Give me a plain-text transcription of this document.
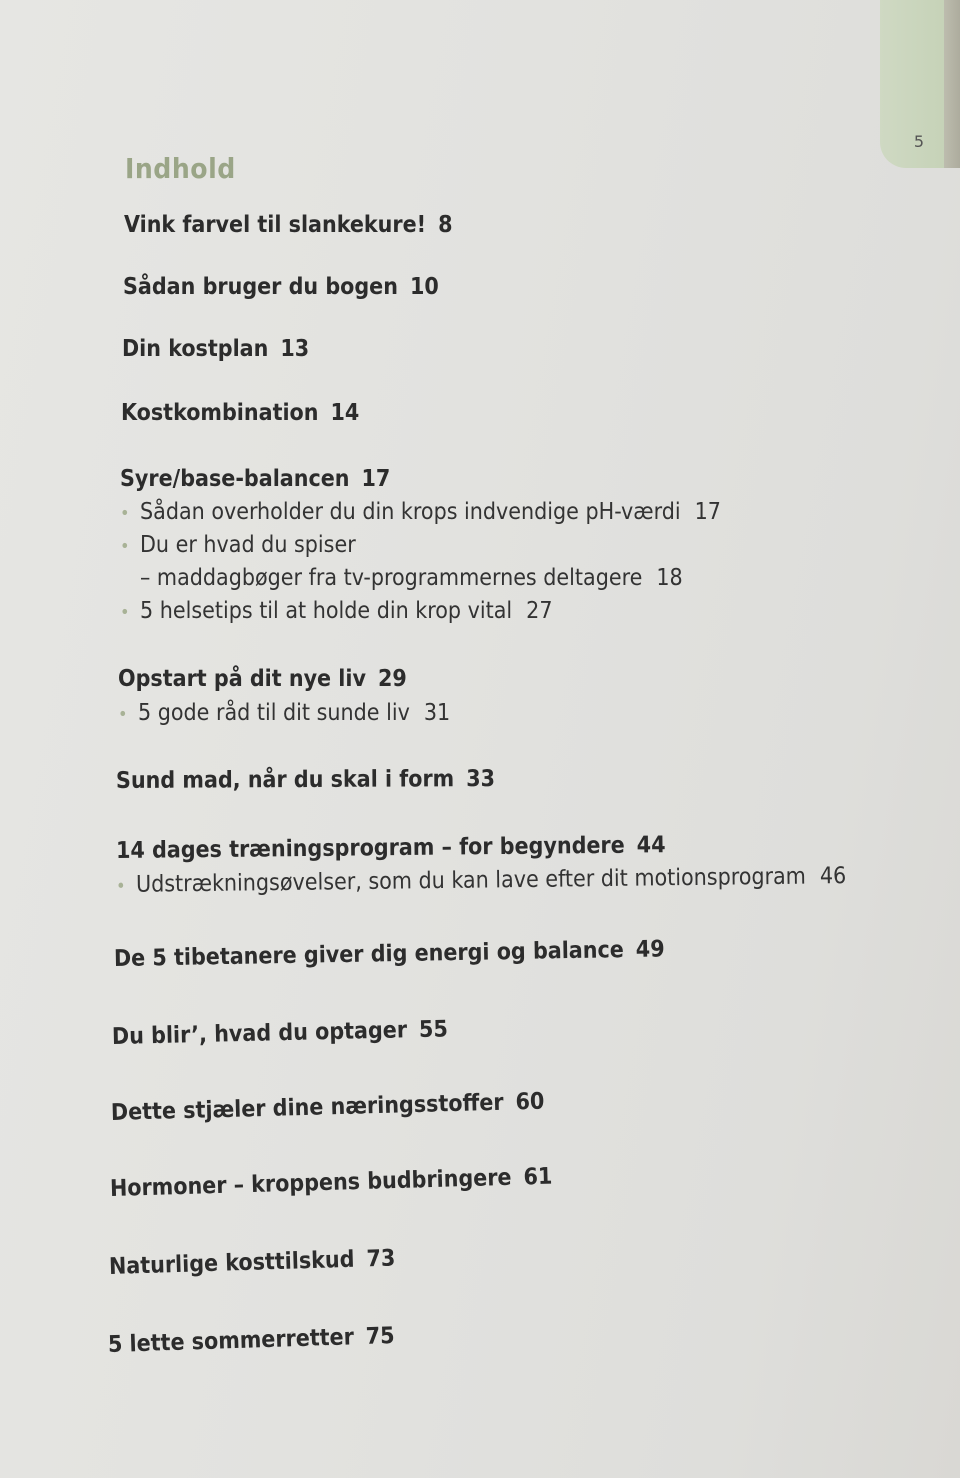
5
Indhold
Vink farvel til slankekure! 8
Sådan bruger du bogen 10
Din kostplan 13
Kostkombination 14
Syre/base-balancen 17
• Sådan overholder du din krops indvendige pH-værdi 17
• Du er hvad du spiser
– maddagbøger fra tv-programmernes deltagere 18
• 5 helsetips til at holde din krop vital 27
Opstart på dit nye liv 29
• 5 gode råd til dit sunde liv 31
Sund mad, når du skal i form 33
14 dages træningsprogram – for begyndere 44
• Udstrækningsøvelser, som du kan lave efter dit motionsprogram 46
De 5 tibetanere giver dig energi og balance 49
Du blir’, hvad du optager 55
Dette stjæler dine næringsstoffer 60
Hormoner – kroppens budbringere 61
Naturlige kosttilskud 73
5 lette sommerretter 75
